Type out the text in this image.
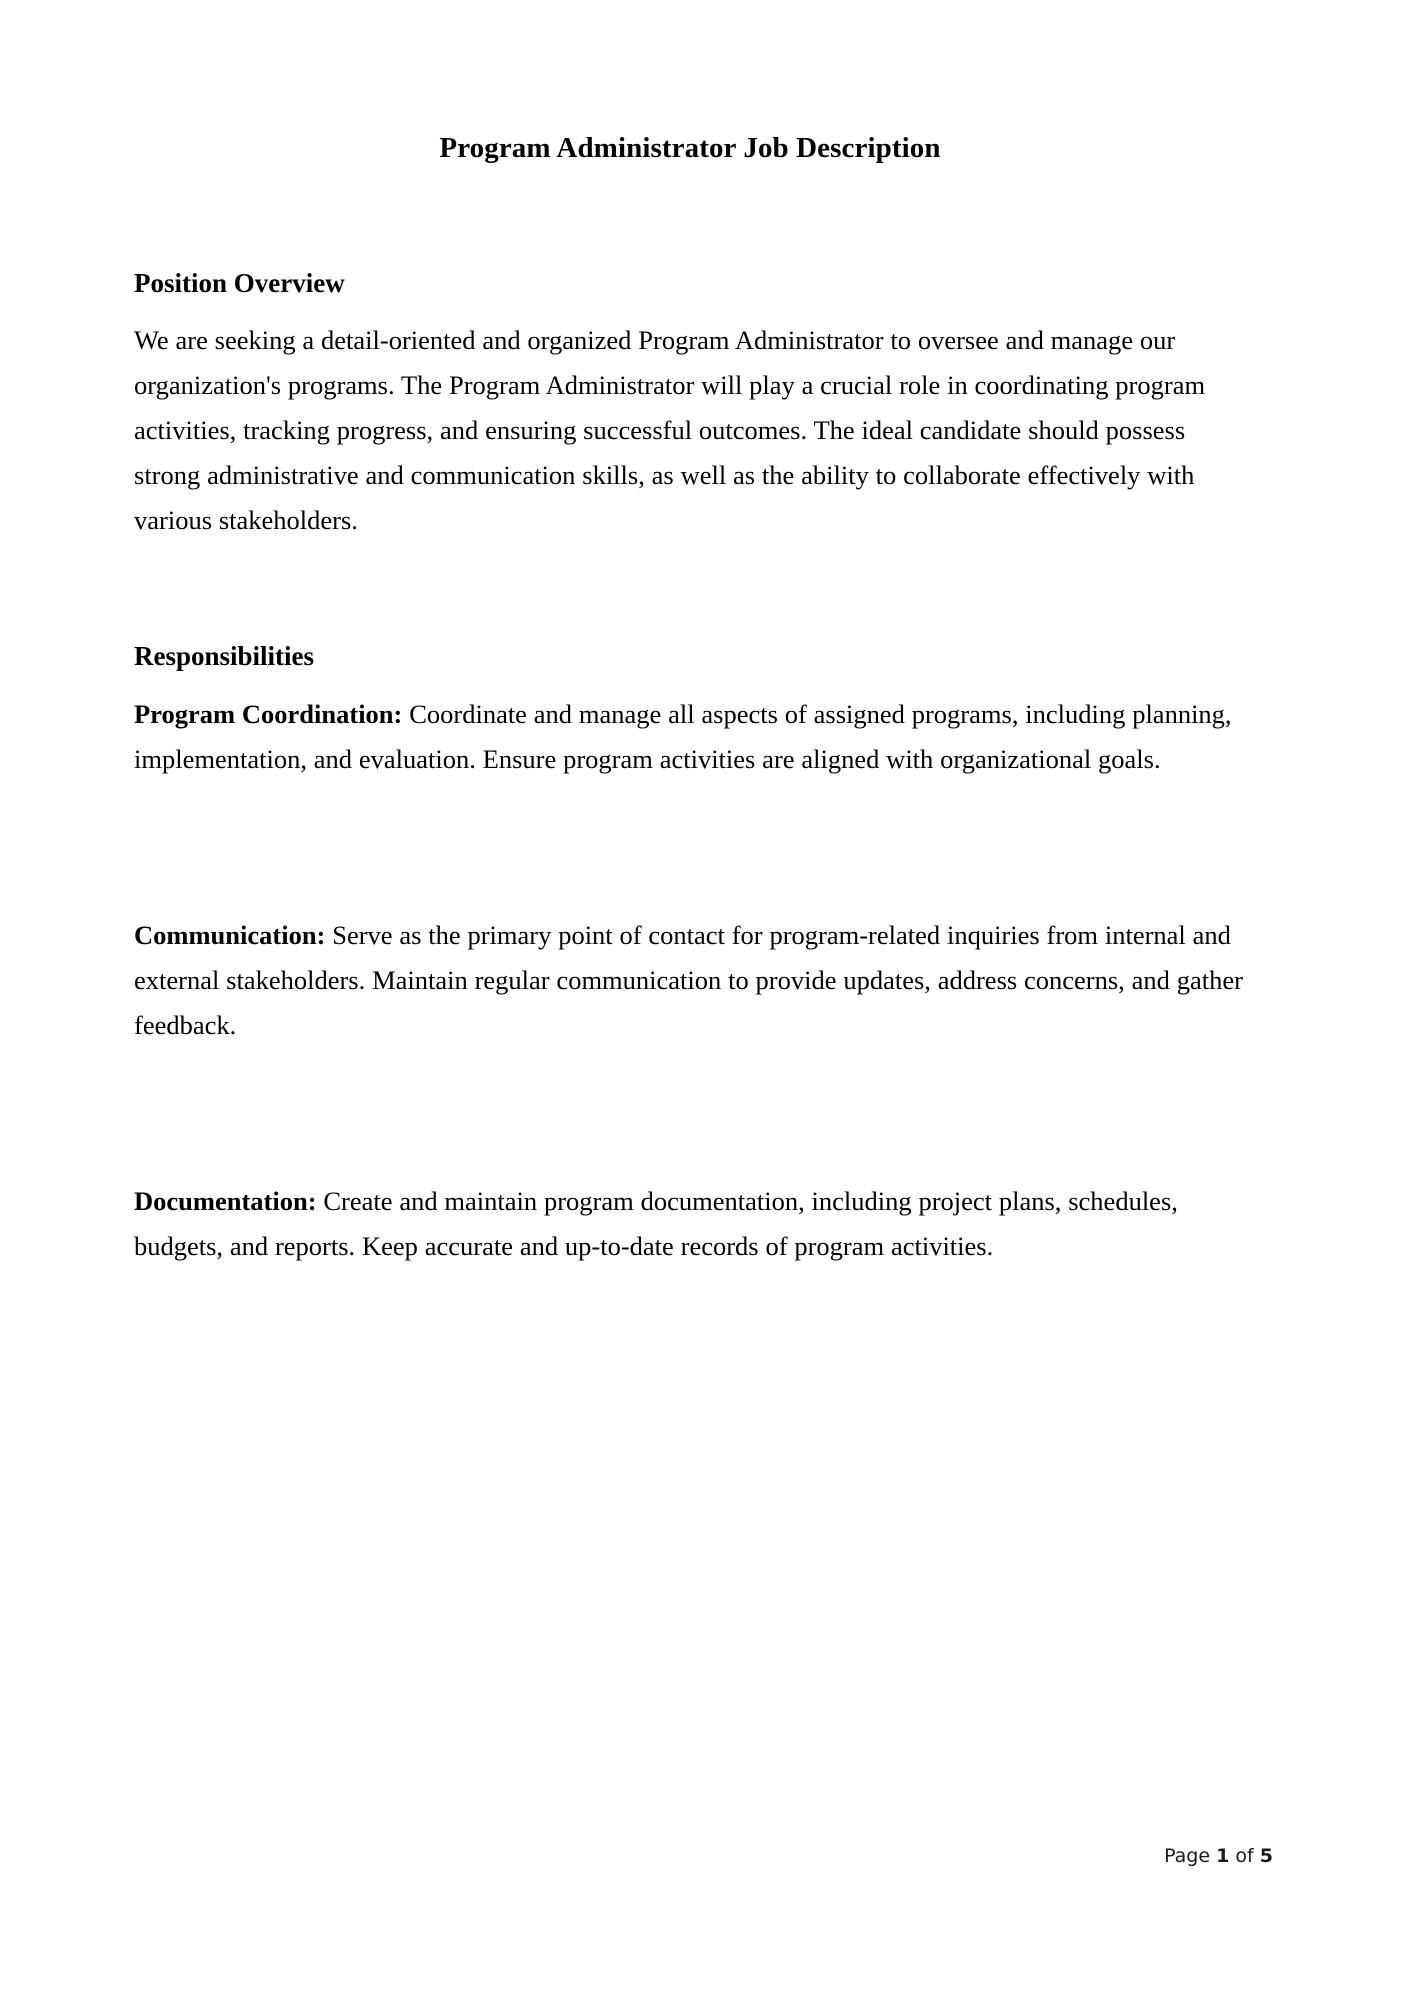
Program Administrator Job Description
Position Overview

We are seeking a detail-oriented and organized Program Administrator to oversee and manage our organization's programs. The Program Administrator will play a crucial role in coordinating program activities, tracking progress, and ensuring successful outcomes. The ideal candidate should possess strong administrative and communication skills, as well as the ability to collaborate effectively with various stakeholders.

Responsibilities

Program Coordination: Coordinate and manage all aspects of assigned programs, including planning, implementation, and evaluation. Ensure program activities are aligned with organizational goals.

Communication: Serve as the primary point of contact for program-related inquiries from internal and external stakeholders. Maintain regular communication to provide updates, address concerns, and gather feedback.

Documentation: Create and maintain program documentation, including project plans, schedules, budgets, and reports. Keep accurate and up-to-date records of program activities.

Page 1 of 5
